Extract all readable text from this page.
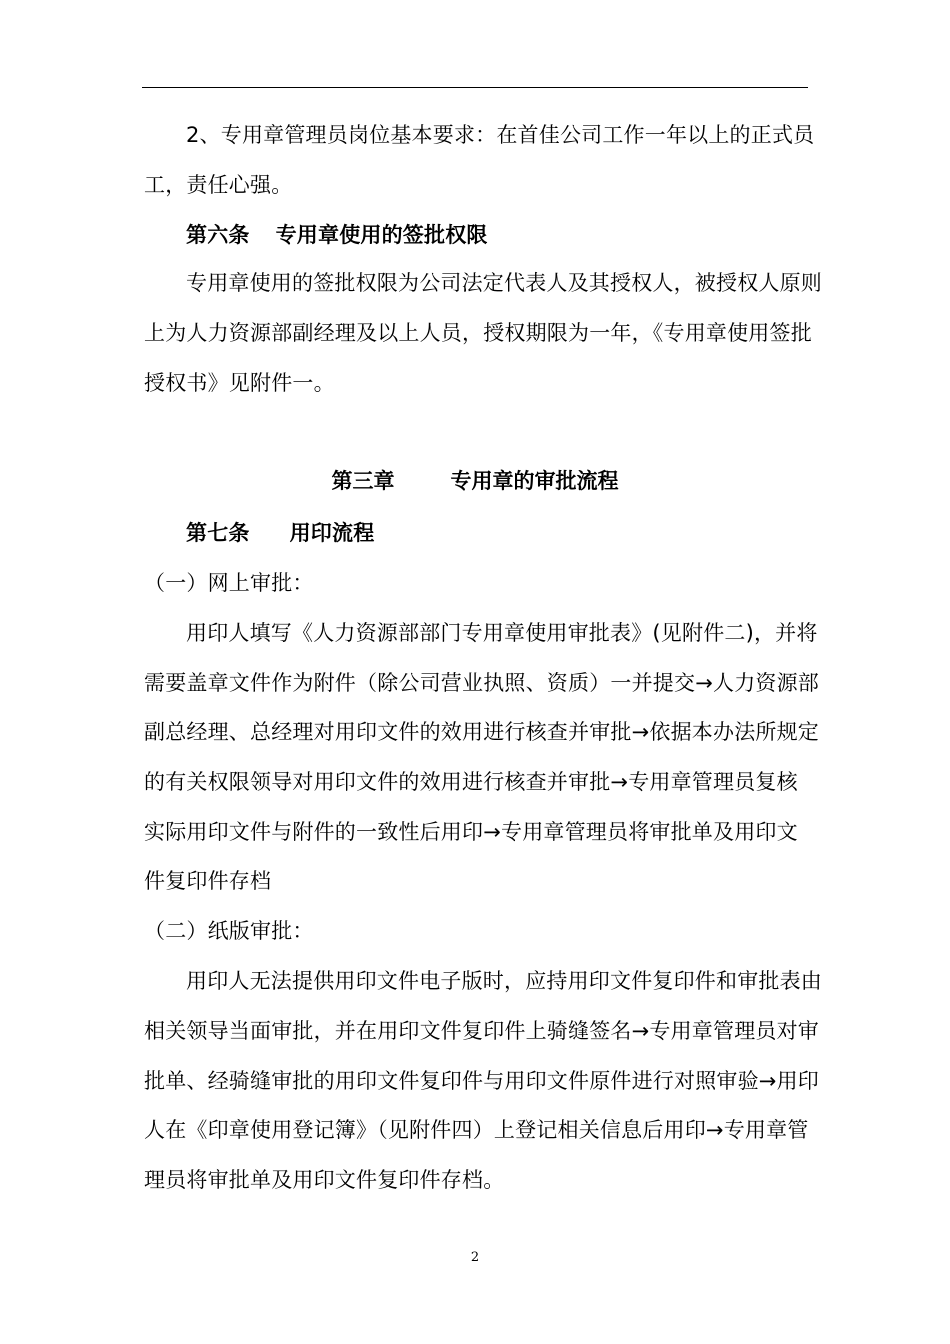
2、专用章管理员岗位基本要求：在首佳公司工作一年以上的正式员
工，责任心强。
第六条 专用章使用的签批权限
专用章使用的签批权限为公司法定代表人及其授权人，被授权人原则
上为人力资源部副经理及以上人员，授权期限为一年，《专用章使用签批
授权书》见附件一。
第三章	专用章的审批流程
第七条 用印流程
（一）网上审批：
用印人填写《人力资源部部门专用章使用审批表》(见附件二)，并将
需要盖章文件作为附件（除公司营业执照、资质）一并提交→人力资源部
副总经理、总经理对用印文件的效用进行核查并审批→依据本办法所规定
的有关权限领导对用印文件的效用进行核查并审批→专用章管理员复核
实际用印文件与附件的一致性后用印→专用章管理员将审批单及用印文
件复印件存档
（二）纸版审批：
用印人无法提供用印文件电子版时，应持用印文件复印件和审批表由
相关领导当面审批，并在用印文件复印件上骑缝签名→专用章管理员对审
批单、经骑缝审批的用印文件复印件与用印文件原件进行对照审验→用印
人在《印章使用登记簿》（见附件四）上登记相关信息后用印→专用章管
理员将审批单及用印文件复印件存档。
2
